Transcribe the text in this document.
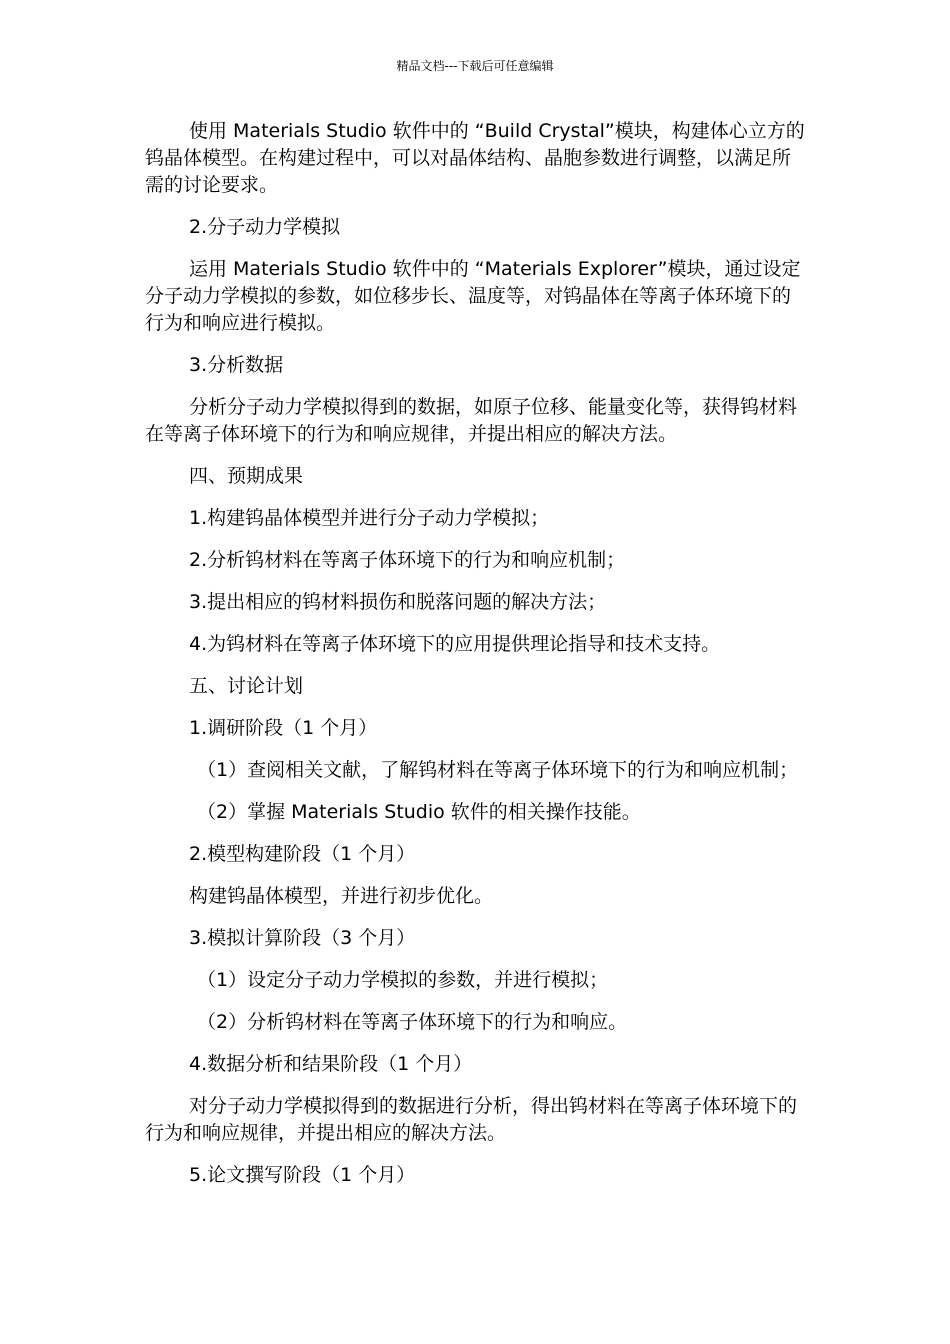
精品文档---下载后可任意编辑

使用 Materials Studio 软件中的 “Build Crystal”模块，构建体心立方的钨晶体模型。在构建过程中，可以对晶体结构、晶胞参数进行调整，以满足所需的讨论要求。

2.分子动力学模拟

运用 Materials Studio 软件中的 “Materials Explorer”模块，通过设定分子动力学模拟的参数，如位移步长、温度等，对钨晶体在等离子体环境下的行为和响应进行模拟。

3.分析数据

分析分子动力学模拟得到的数据，如原子位移、能量变化等，获得钨材料在等离子体环境下的行为和响应规律，并提出相应的解决方法。

四、预期成果

1.构建钨晶体模型并进行分子动力学模拟；

2.分析钨材料在等离子体环境下的行为和响应机制；

3.提出相应的钨材料损伤和脱落问题的解决方法；

4.为钨材料在等离子体环境下的应用提供理论指导和技术支持。

五、讨论计划

1.调研阶段（1 个月）

（1）查阅相关文献，了解钨材料在等离子体环境下的行为和响应机制；

（2）掌握 Materials Studio 软件的相关操作技能。

2.模型构建阶段（1 个月）

构建钨晶体模型，并进行初步优化。

3.模拟计算阶段（3 个月）

（1）设定分子动力学模拟的参数，并进行模拟；

（2）分析钨材料在等离子体环境下的行为和响应。

4.数据分析和结果阶段（1 个月）

对分子动力学模拟得到的数据进行分析，得出钨材料在等离子体环境下的行为和响应规律，并提出相应的解决方法。

5.论文撰写阶段（1 个月）
